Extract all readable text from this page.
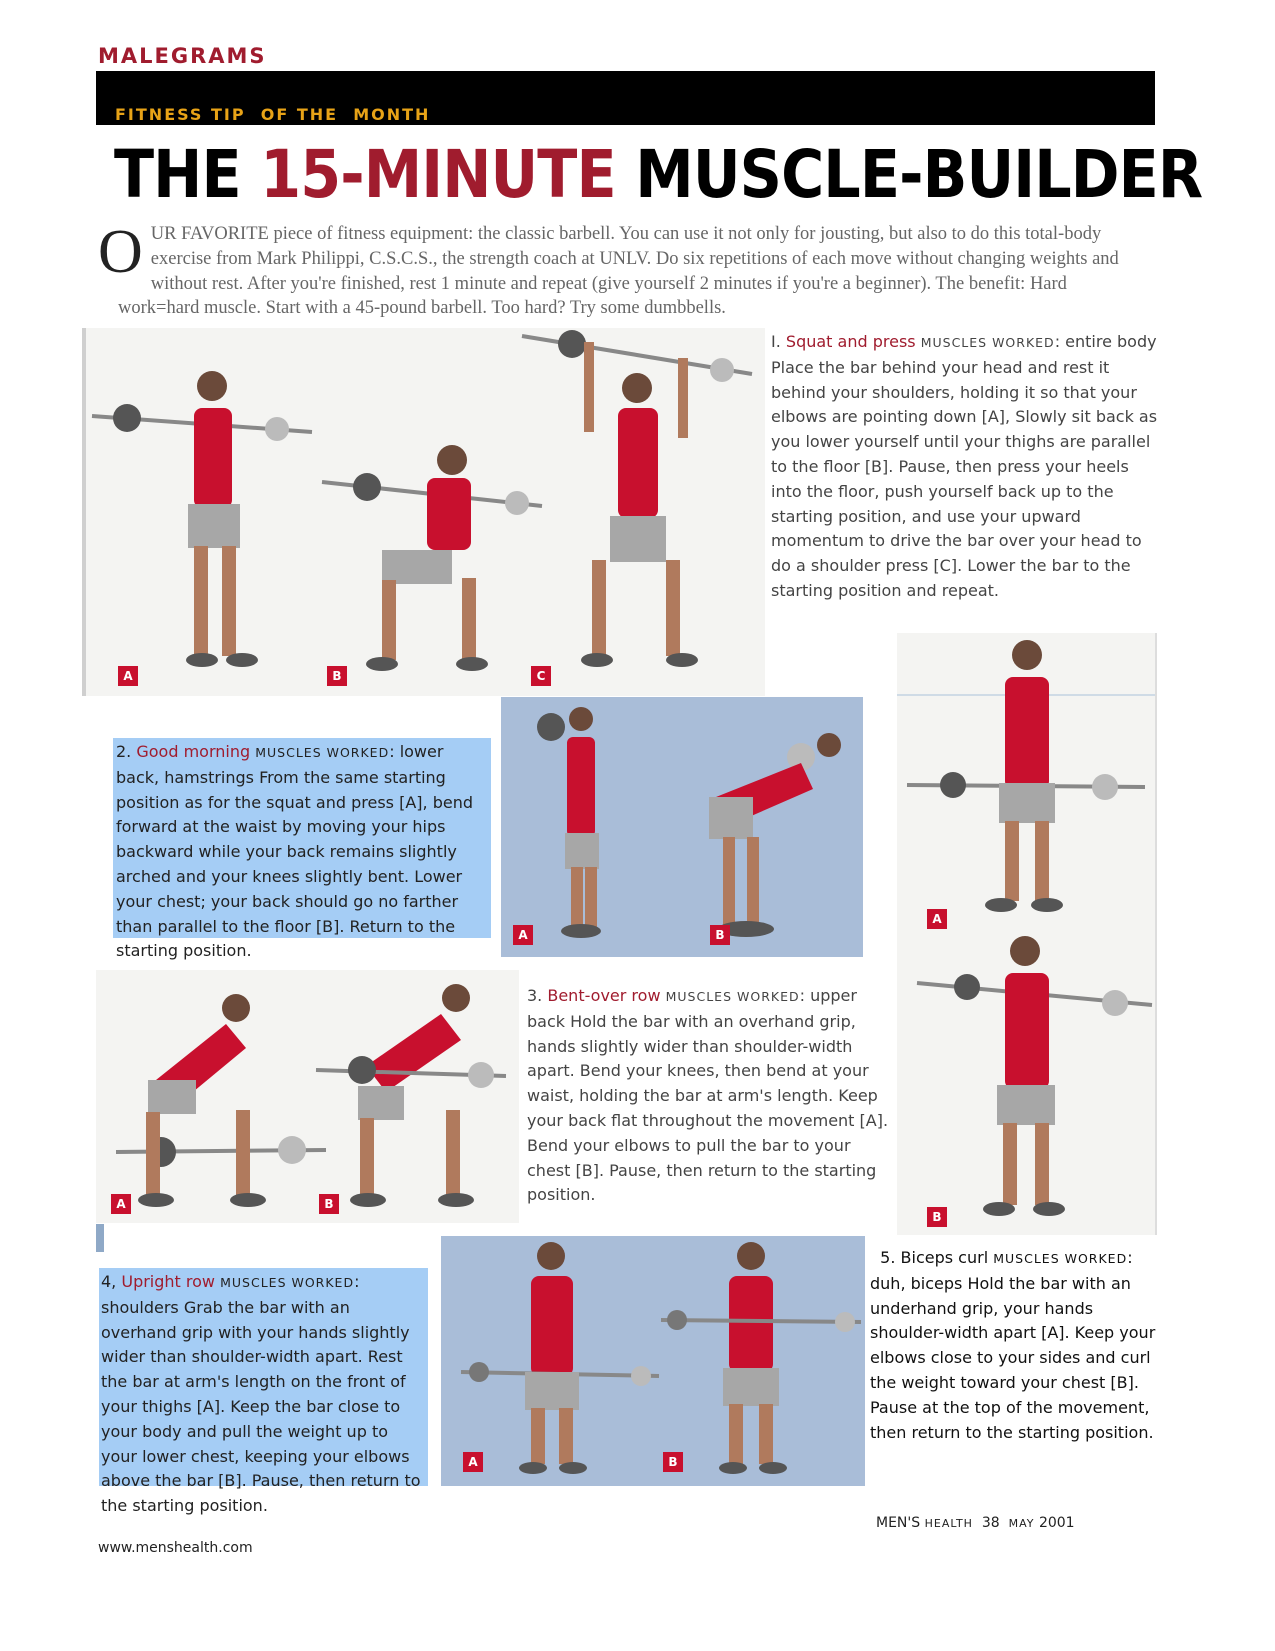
MALEGRAMS
FITNESS TIP  OF THE  MONTH
THE 15-MINUTE MUSCLE-BUILDER
OUR FAVORITE piece of fitness equipment: the classic barbell. You can use it not only for jousting, but also to do this total-body exercise from Mark Philippi, C.S.C.S., the strength coach at UNLV. Do six repetitions of each move without changing weights and without rest. After you're finished, rest 1 minute and repeat (give yourself 2 minutes if you're a beginner). The benefit: Hard work=hard muscle. Start with a 45-pound barbell. Too hard? Try some dumbbells.
A	B	C
I. Squat and press MUSCLES WORKED: entire body Place the bar behind your head and rest it behind your shoulders, holding it so that your elbows are pointing down [A], Slowly sit back as you lower yourself until your thighs are parallel to the floor [B]. Pause, then press your heels into the floor, push yourself back up to the starting position, and use your upward momentum to drive the bar over your head to do a shoulder press [C]. Lower the bar to the starting position and repeat.
2. Good morning MUSCLES WORKED: lower back, hamstrings From the same starting position as for the squat and press [A], bend forward at the waist by moving your hips backward while your back remains slightly arched and your knees slightly bent. Lower your chest; your back should go no farther than parallel to the floor [B]. Return to the starting position.
A	B
A
B
A	B
3. Bent-over row MUSCLES WORKED: upper back Hold the bar with an overhand grip, hands slightly wider than shoulder-width apart. Bend your knees, then bend at your waist, holding the bar at arm's length. Keep your back flat throughout the movement [A]. Bend your elbows to pull the bar to your chest [B]. Pause, then return to the starting position.
4, Upright row MUSCLES WORKED: shoulders Grab the bar with an overhand grip with your hands slightly wider than shoulder-width apart. Rest the bar at arm's length on the front of your thighs [A]. Keep the bar close to your body and pull the weight up to your lower chest, keeping your elbows above the bar [B]. Pause, then return to the starting position.
A	B
5. Biceps curl MUSCLES WORKED: duh, biceps Hold the bar with an underhand grip, your hands shoulder-width apart [A]. Keep your elbows close to your sides and curl the weight toward your chest [B]. Pause at the top of the movement, then return to the starting position.
MEN'S HEALTH 38 MAY 2001
www.menshealth.com
